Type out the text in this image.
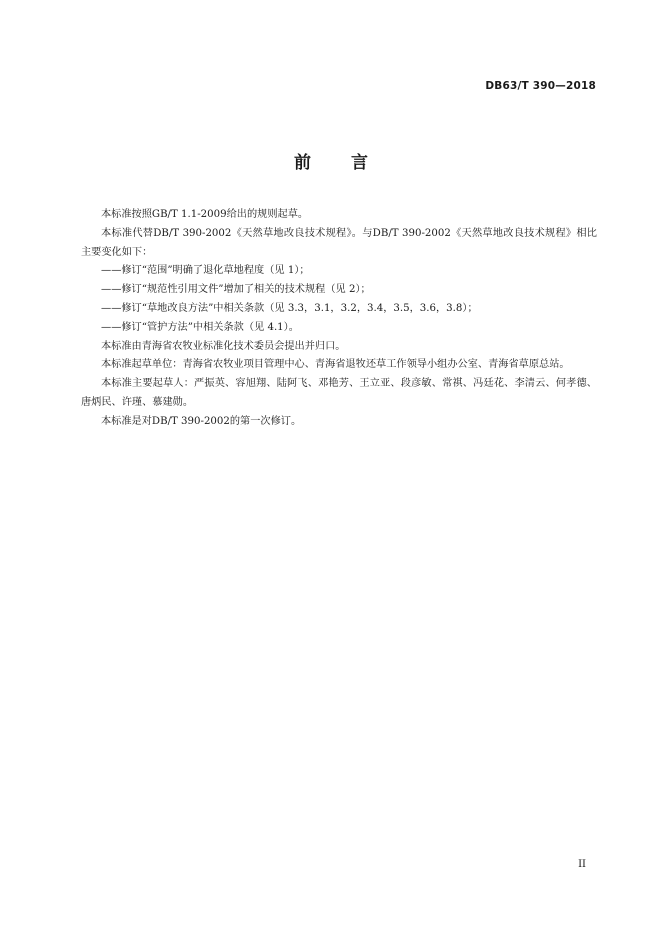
DB63/T 390—2018
前言

本标准按照GB/T 1.1-2009给出的规则起草。

本标准代替DB/T 390-2002《天然草地改良技术规程》。与DB/T 390-2002《天然草地改良技术规程》相比主要变化如下：

——修订“范围”明确了退化草地程度（见 1）；

——修订“规范性引用文件”增加了相关的技术规程（见 2）；

——修订“草地改良方法”中相关条款（见 3.3，3.1，3.2，3.4，3.5，3.6，3.8）；

——修订“管护方法”中相关条款（见 4.1）。

本标准由青海省农牧业标准化技术委员会提出并归口。

本标准起草单位：青海省农牧业项目管理中心、青海省退牧还草工作领导小组办公室、青海省草原总站。

本标准主要起草人：严振英、容旭翔、陆阿飞、邓艳芳、王立亚、段彦敏、常祺、冯廷花、李清云、何孝德、唐炳民、许瑾、慕建勋。

本标准是对DB/T 390-2002的第一次修订。

II
